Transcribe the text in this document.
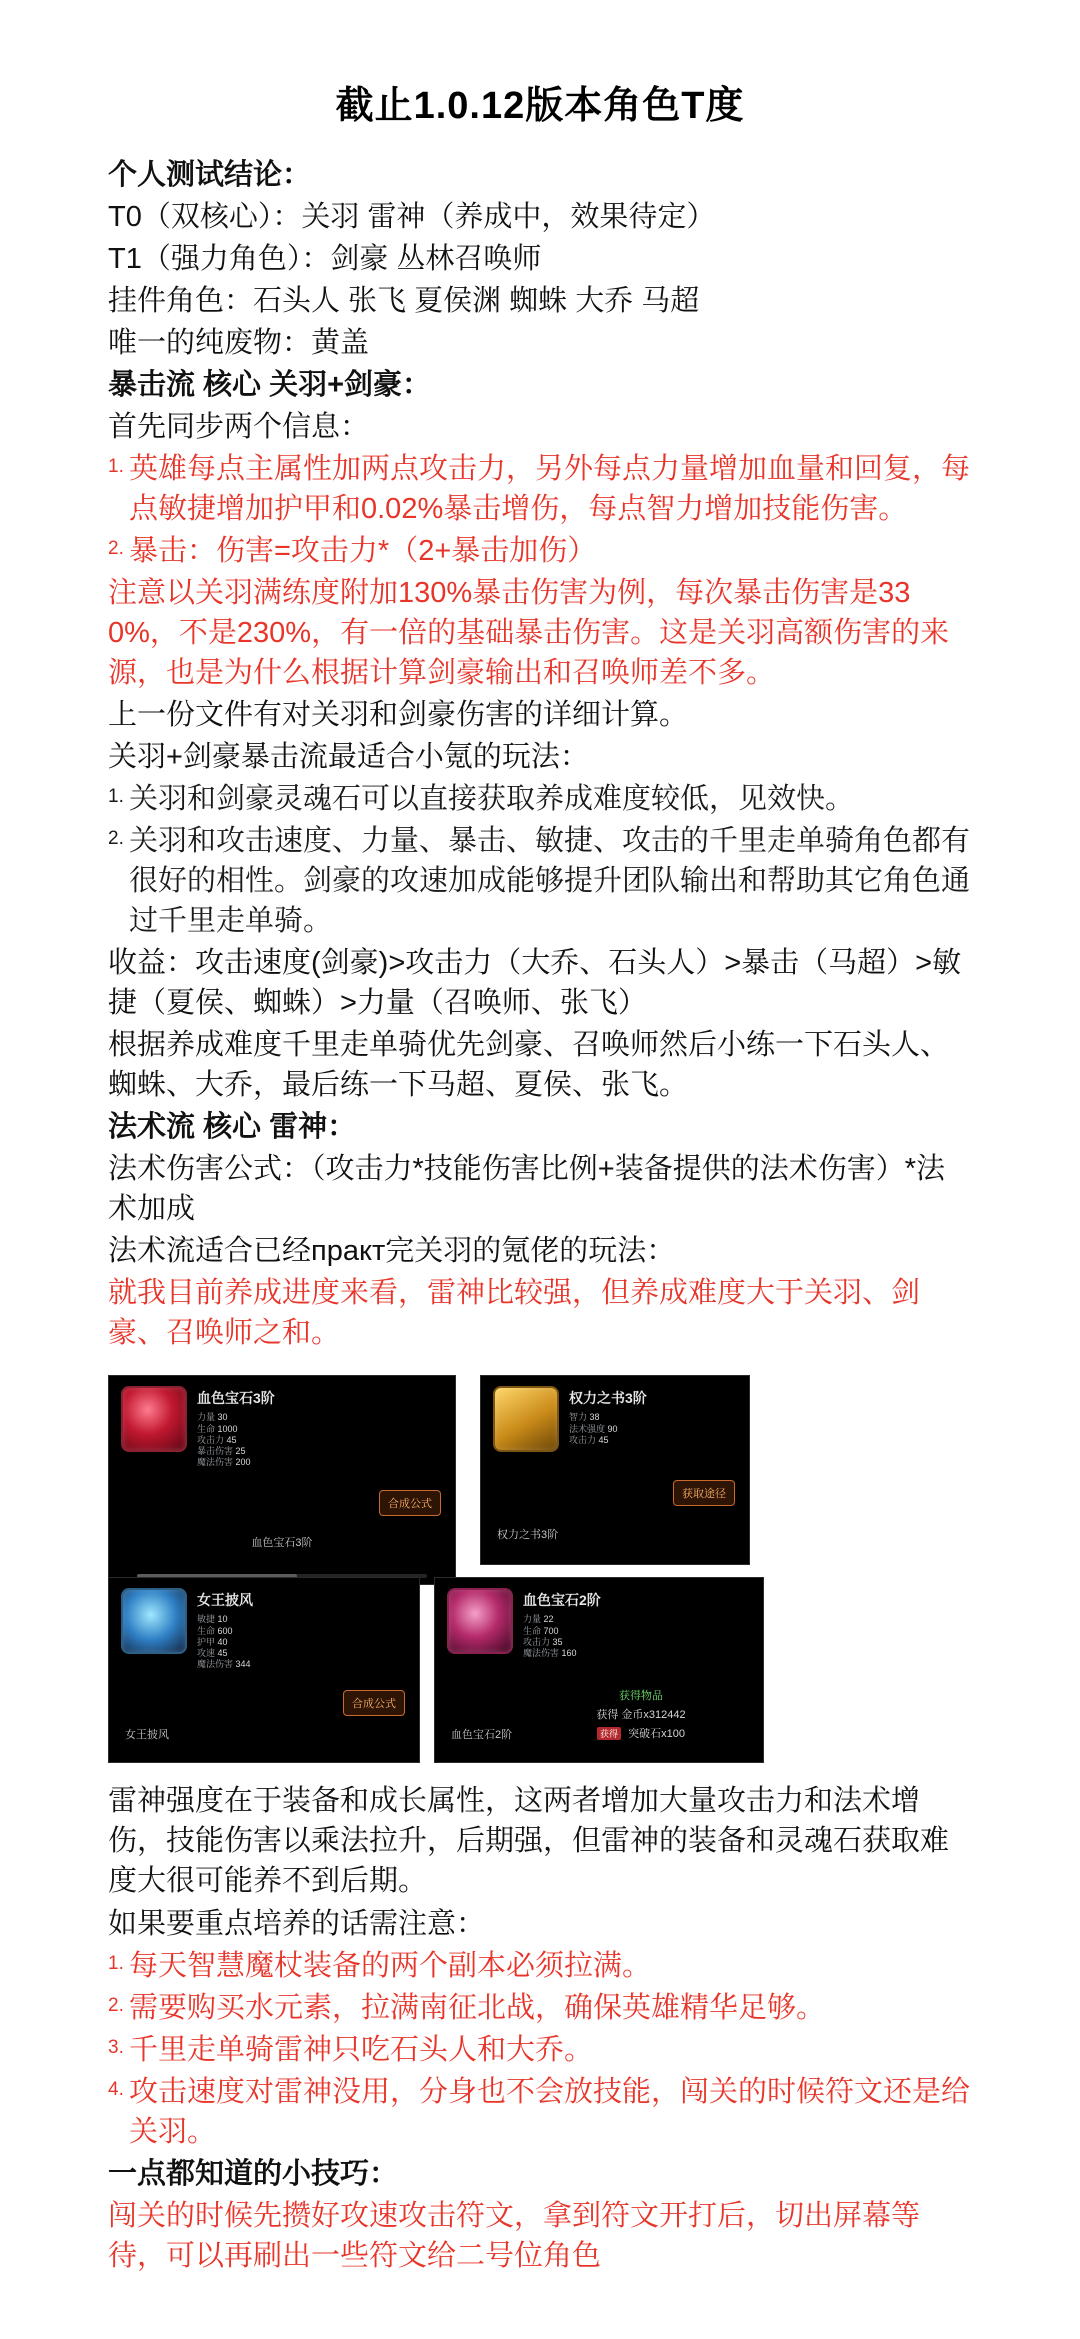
截止1.0.12版本角色T度
个人测试结论：
T0（双核心）：关羽 雷神（养成中，效果待定）
T1（强力角色）：剑豪 丛林召唤师
挂件角色：石头人 张飞 夏侯渊 蜘蛛 大乔 马超
唯一的纯废物：黄盖
暴击流 核心 关羽+剑豪：
首先同步两个信息：
1. 英雄每点主属性加两点攻击力，另外每点力量增加血量和回复，每点敏捷增加护甲和0.02%暴击增伤，每点智力增加技能伤害。
2. 暴击：伤害=攻击力*（2+暴击加伤）
注意以关羽满练度附加130%暴击伤害为例，每次暴击伤害是330%，不是230%，有一倍的基础暴击伤害。这是关羽高额伤害的来源，也是为什么根据计算剑豪输出和召唤师差不多。
上一份文件有对关羽和剑豪伤害的详细计算。
关羽+剑豪暴击流最适合小氪的玩法：
1. 关羽和剑豪灵魂石可以直接获取养成难度较低，见效快。
2. 关羽和攻击速度、力量、暴击、敏捷、攻击的千里走单骑角色都有很好的相性。剑豪的攻速加成能够提升团队输出和帮助其它角色通过千里走单骑。
收益：攻击速度(剑豪)>攻击力（大乔、石头人）>暴击（马超）>敏捷（夏侯、蜘蛛）>力量（召唤师、张飞）
根据养成难度千里走单骑优先剑豪、召唤师然后小练一下石头人、蜘蛛、大乔，最后练一下马超、夏侯、张飞。
法术流 核心 雷神：
法术伤害公式：（攻击力*技能伤害比例+装备提供的法术伤害）*法术加成
法术流适合已经практ完关羽的氪佬的玩法：
就我目前养成进度来看，雷神比较强，但养成难度大于关羽、剑豪、召唤师之和。
血色宝石3阶
力量 30
生命 1000
攻击力 45
暴击伤害 25
魔法伤害 200
合成公式
血色宝石3阶
权力之书3阶
智力 38
法术强度 90
攻击力 45
获取途径
权力之书3阶
女王披风
敏捷 10
生命 600
护甲 40
攻速 45
魔法伤害 344
合成公式
女王披风
血色宝石2阶
力量 22
生命 700
攻击力 35
魔法伤害 160
获得物品
获得 金币x312442
获得 突破石x100
血色宝石2阶
雷神强度在于装备和成长属性，这两者增加大量攻击力和法术增伤，技能伤害以乘法拉升，后期强，但雷神的装备和灵魂石获取难度大很可能养不到后期。
如果要重点培养的话需注意：
1. 每天智慧魔杖装备的两个副本必须拉满。
2. 需要购买水元素，拉满南征北战，确保英雄精华足够。
3. 千里走单骑雷神只吃石头人和大乔。
4. 攻击速度对雷神没用，分身也不会放技能，闯关的时候符文还是给关羽。
一点都知道的小技巧：
闯关的时候先攒好攻速攻击符文，拿到符文开打后，切出屏幕等待，可以再刷出一些符文给二号位角色
